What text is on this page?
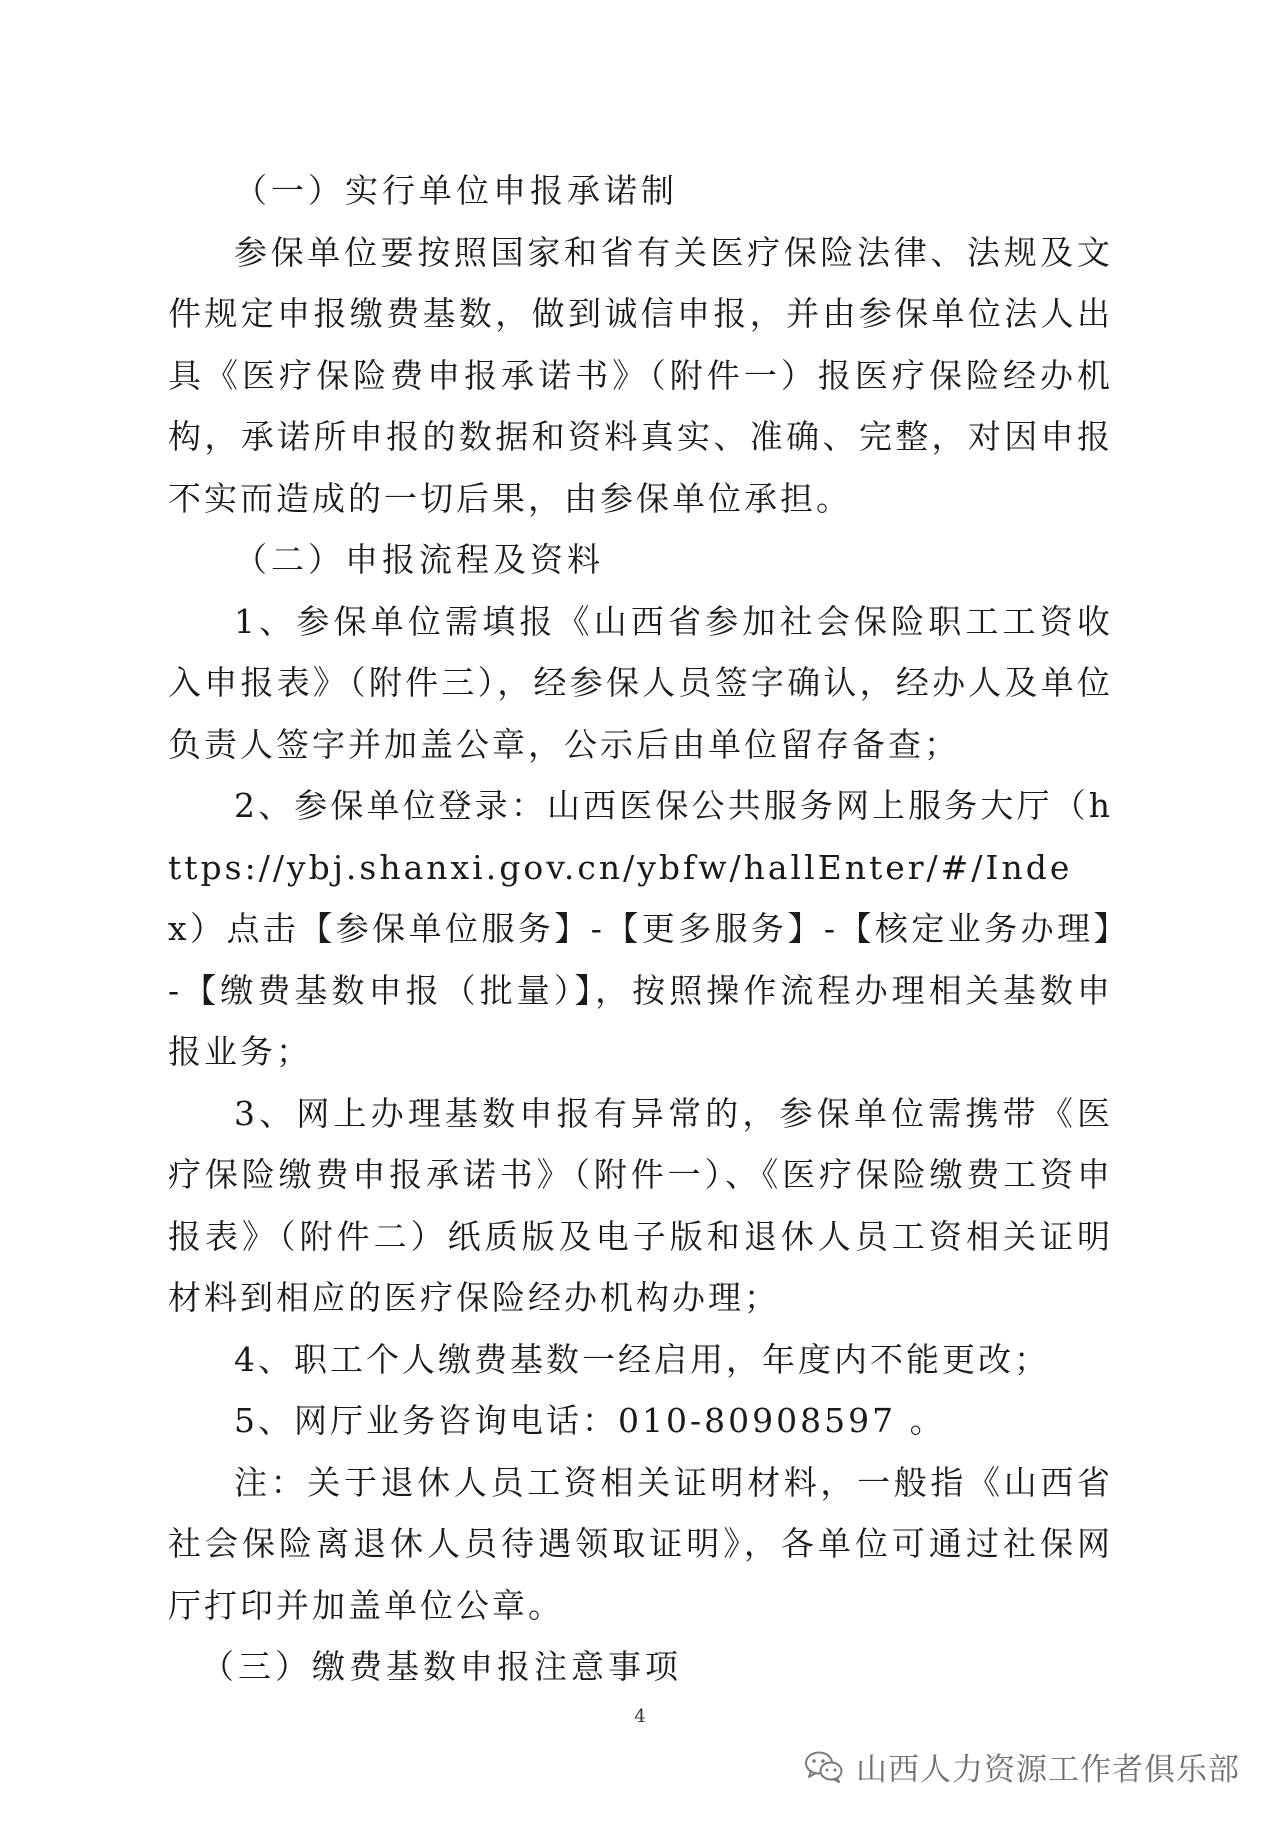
（一）实行单位申报承诺制

参保单位要按照国家和省有关医疗保险法律、法规及文件规定申报缴费基数，做到诚信申报，并由参保单位法人出具《医疗保险费申报承诺书》（附件一）报医疗保险经办机构，承诺所申报的数据和资料真实、准确、完整，对因申报不实而造成的一切后果，由参保单位承担。

（二）申报流程及资料

1、参保单位需填报《山西省参加社会保险职工工资收入申报表》（附件三），经参保人员签字确认，经办人及单位负责人签字并加盖公章，公示后由单位留存备查；

2、参保单位登录：山西医保公共服务网上服务大厅（https://ybj.shanxi.gov.cn/ybfw/hallEnter/#/Index）点击【参保单位服务】-【更多服务】-【核定业务办理】-【缴费基数申报（批量）】，按照操作流程办理相关基数申报业务；

3、网上办理基数申报有异常的，参保单位需携带《医疗保险缴费申报承诺书》（附件一）、《医疗保险缴费工资申报表》（附件二）纸质版及电子版和退休人员工资相关证明材料到相应的医疗保险经办机构办理；

4、职工个人缴费基数一经启用，年度内不能更改；

5、网厅业务咨询电话：010-80908597 。

注：关于退休人员工资相关证明材料，一般指《山西省社会保险离退休人员待遇领取证明》，各单位可通过社保网厅打印并加盖单位公章。

（三）缴费基数申报注意事项

4
山西人力资源工作者俱乐部
